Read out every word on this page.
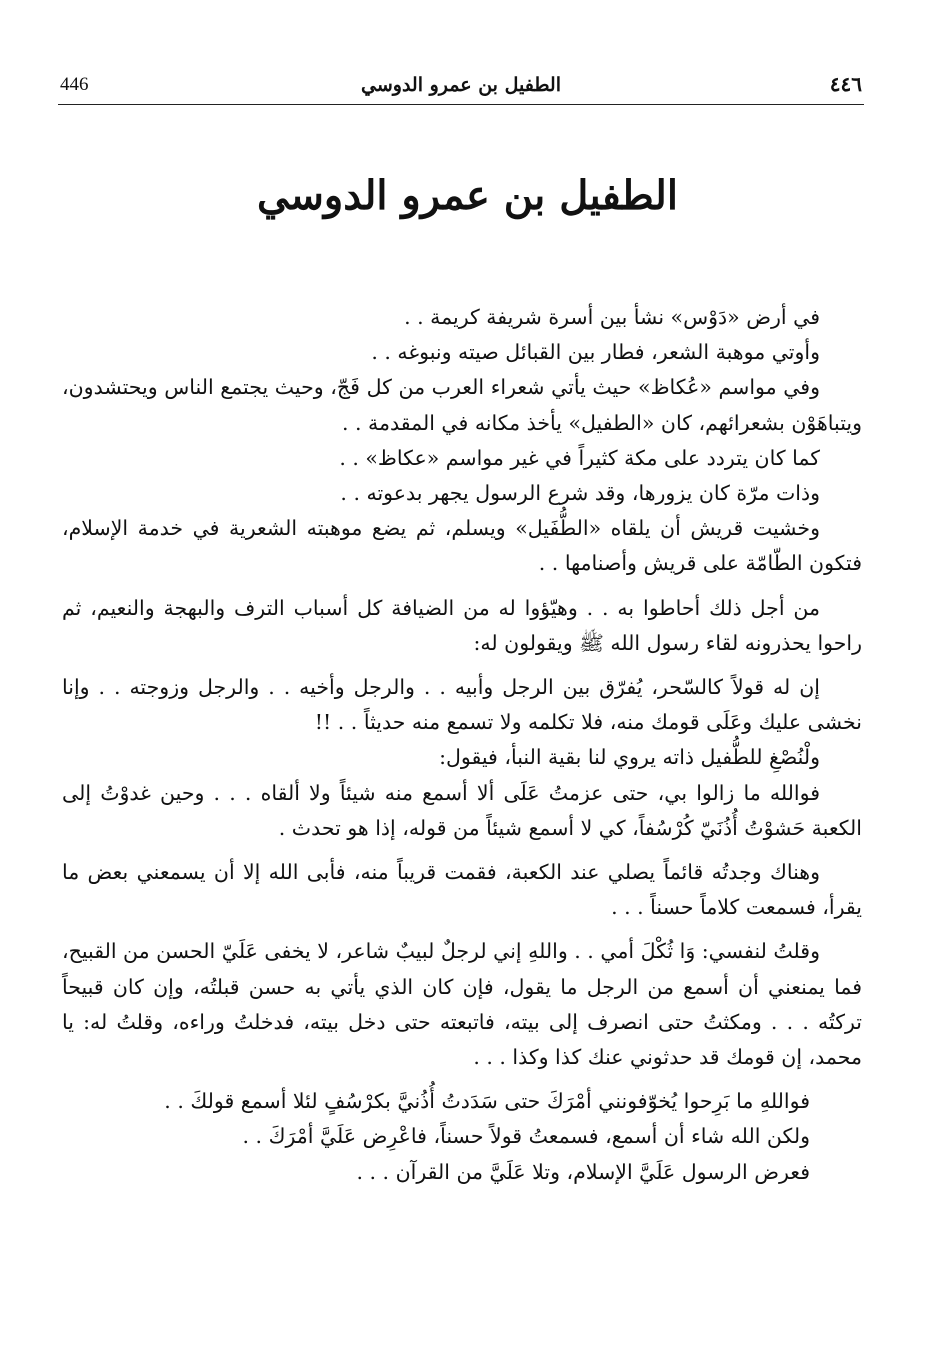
446	الطفيل بن عمرو الدوسي	٤٤٦
الطفيل بن عمرو الدوسي

في أرض «دَوْس» نشأ بين أسرة شريفة كريمة . .

وأوتي موهبة الشعر، فطار بين القبائل صيته ونبوغه . .

وفي مواسم «عُكاظ» حيث يأتي شعراء العرب من كل فَجّ، وحيث يجتمع الناس ويحتشدون، ويتباهَوْن بشعرائهم، كان «الطفيل» يأخذ مكانه في المقدمة . .

كما كان يتردد على مكة كثيراً في غير مواسم «عكاظ» . .

وذات مرّة كان يزورها، وقد شرع الرسول يجهر بدعوته . .

وخشيت قريش أن يلقاه «الطُّفَيل» ويسلم، ثم يضع موهبته الشعرية في خدمة الإسلام، فتكون الطّامّة على قريش وأصنامها . .

من أجل ذلك أحاطوا به . . وهيّؤوا له من الضيافة كل أسباب الترف والبهجة والنعيم، ثم راحوا يحذرونه لقاء رسول الله ﷺ ويقولون له:

إن له قولاً كالسّحر، يُفرّق بين الرجل وأبيه . . والرجل وأخيه . . والرجل وزوجته . . وإنا نخشى عليك وعَلَى قومك منه، فلا تكلمه ولا تسمع منه حديثاً . . !!

ولْنُصْغِ للطُّفيل ذاته يروي لنا بقية النبأ، فيقول:

فوالله ما زالوا بي، حتى عزمتُ عَلَى ألا أسمع منه شيئاً ولا ألقاه . . . وحين غدوْتُ إلى الكعبة حَشوْتُ أُذُنَيّ كُرْسُفاً، كي لا أسمع شيئاً من قوله، إذا هو تحدث .

وهناك وجدتُه قائماً يصلي عند الكعبة، فقمت قريباً منه، فأبى الله إلا أن يسمعني بعض ما يقرأ، فسمعت كلاماً حسناً . . .

وقلتُ لنفسي: وَا ثُكْلَ أمي . . واللهِ إني لرجلٌ لبيبٌ شاعر، لا يخفى عَلَيّ الحسن من القبيح، فما يمنعني أن أسمع من الرجل ما يقول، فإن كان الذي يأتي به حسن قبلتُه، وإن كان قبيحاً تركتُه . . . ومكثتُ حتى انصرف إلى بيته، فاتبعته حتى دخل بيته، فدخلتُ وراءه، وقلتُ له: يا محمد، إن قومك قد حدثوني عنك كذا وكذا . . .

فواللهِ ما بَرِحوا يُخوّفونني أمْرَكَ حتى سَدَدتُ أُذُنيَّ بكرْسُفٍ لئلا أسمع قولكَ . .

ولكن الله شاء أن أسمع، فسمعتُ قولاً حسناً، فاعْرِض عَلَيَّ أمْرَكَ . .

فعرض الرسول عَلَيَّ الإسلام، وتلا عَلَيَّ من القرآن . . .
